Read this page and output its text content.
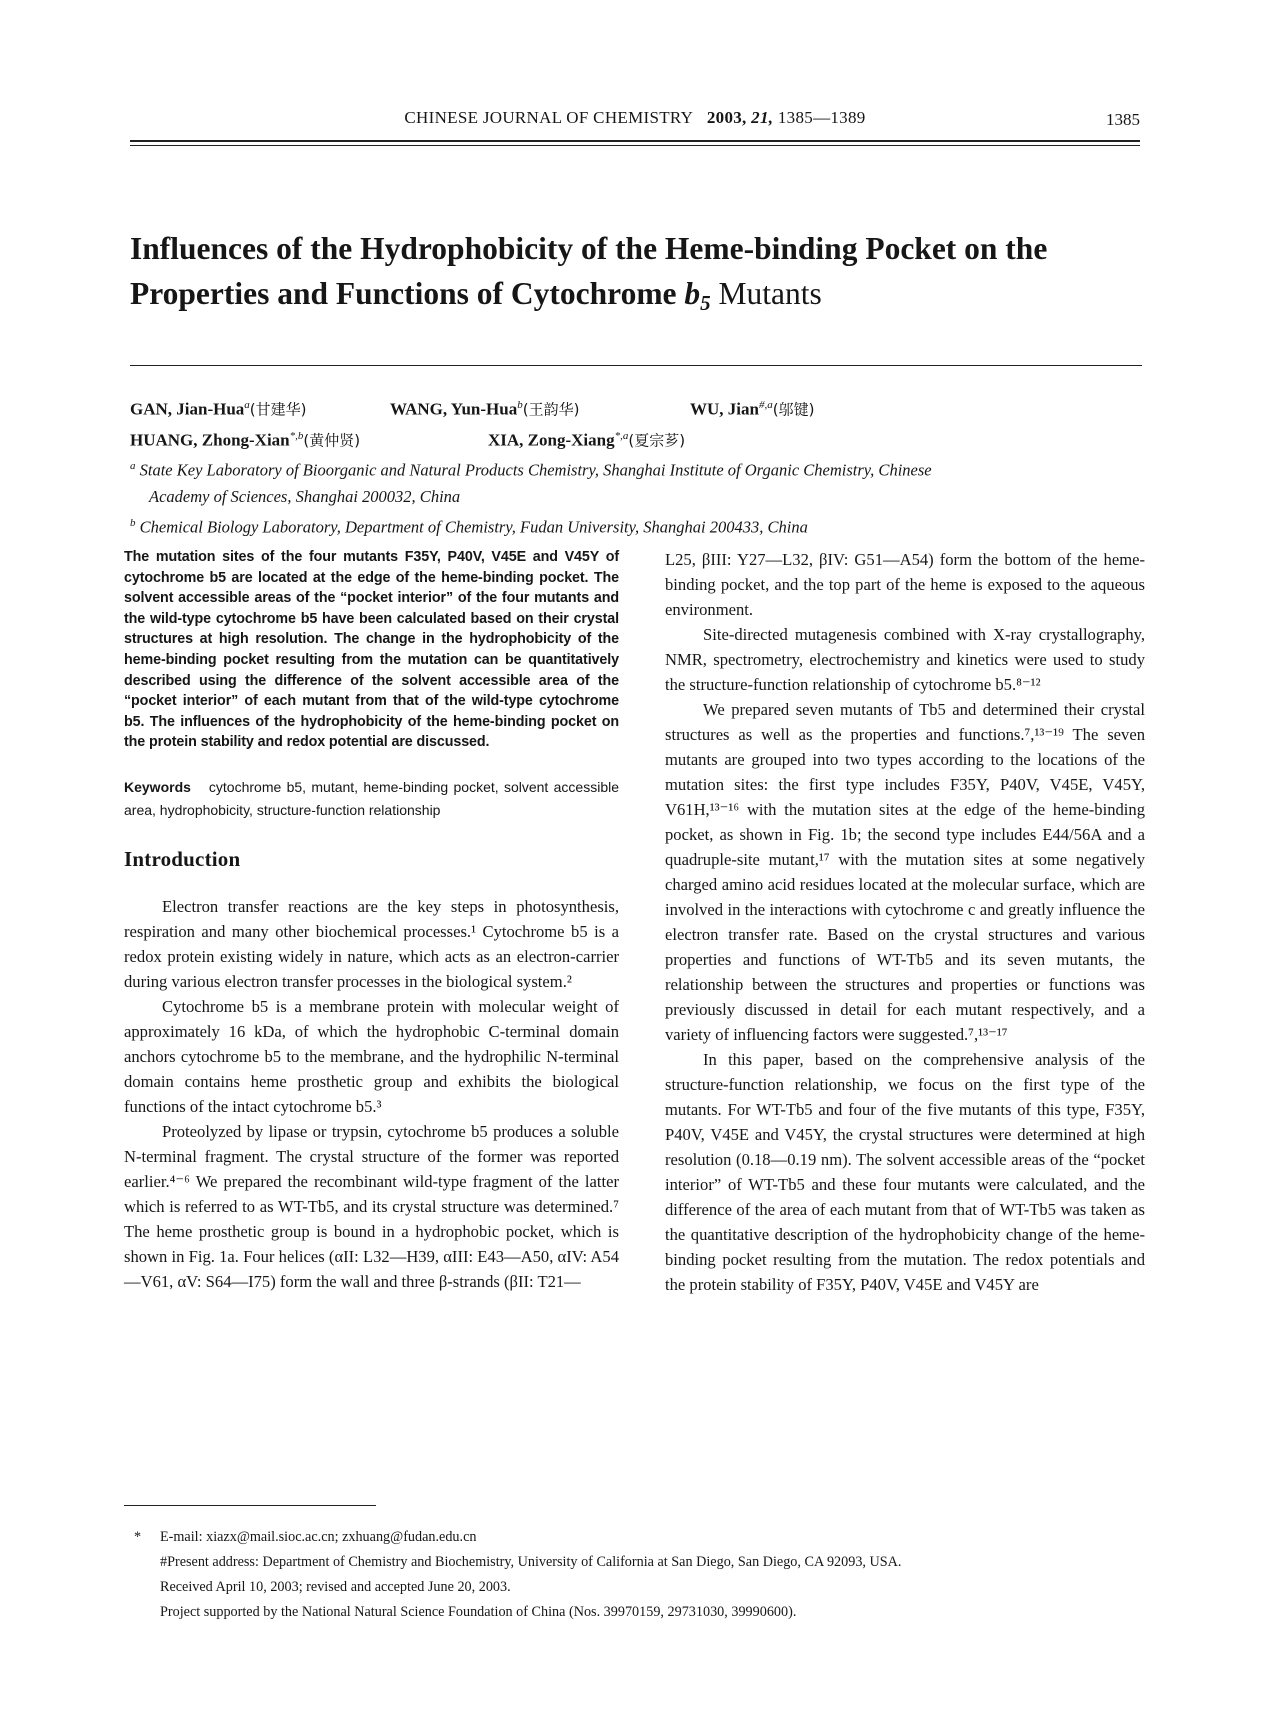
CHINESE JOURNAL OF CHEMISTRY 2003, 21, 1385—1389	1385
Influences of the Hydrophobicity of the Heme-binding Pocket on the
Properties and Functions of Cytochrome $b_5$ Mutants
GAN, Jian-Hua$^a$(甘建华)	WANG, Yun-Hua$^b$(王韵华)	WU, Jian$^{\#,a}$(邬键)
HUANG, Zhong-Xian$^{*,b}$(黄仲贤)	XIA, Zong-Xiang$^{*,a}$(夏宗芗)
$^a$ State Key Laboratory of Bioorganic and Natural Products Chemistry, Shanghai Institute of Organic Chemistry, Chinese
Academy of Sciences, Shanghai 200032, China
$^b$ Chemical Biology Laboratory, Department of Chemistry, Fudan University, Shanghai 200433, China

The mutation sites of the four mutants F35Y, P40V, V45E and V45Y of cytochrome b5 are located at the edge of the heme-binding pocket. The solvent accessible areas of the “pocket interior” of the four mutants and the wild-type cytochrome b5 have been calculated based on their crystal structures at high resolution. The change in the hydrophobicity of the heme-binding pocket resulting from the mutation can be quantitatively described using the difference of the solvent accessible area of the “pocket interior” of each mutant from that of the wild-type cytochrome b5. The influences of the hydrophobicity of the heme-binding pocket on the protein stability and redox potential are discussed.

Keywords cytochrome b5, mutant, heme-binding pocket, solvent accessible area, hydrophobicity, structure-function relationship

Introduction

Electron transfer reactions are the key steps in photosynthesis, respiration and many other biochemical processes.¹ Cytochrome b5 is a redox protein existing widely in nature, which acts as an electron-carrier during various electron transfer processes in the biological system.²

Cytochrome b5 is a membrane protein with molecular weight of approximately 16 kDa, of which the hydrophobic C-terminal domain anchors cytochrome b5 to the membrane, and the hydrophilic N-terminal domain contains heme prosthetic group and exhibits the biological functions of the intact cytochrome b5.³

Proteolyzed by lipase or trypsin, cytochrome b5 produces a soluble N-terminal fragment. The crystal structure of the former was reported earlier.⁴⁻⁶ We prepared the recombinant wild-type fragment of the latter which is referred to as WT-Tb5, and its crystal structure was determined.⁷ The heme prosthetic group is bound in a hydrophobic pocket, which is shown in Fig. 1a. Four helices (αII: L32—H39, αIII: E43—A50, αIV: A54—V61, αV: S64—I75) form the wall and three β-strands (βII: T21—

L25, βIII: Y27—L32, βIV: G51—A54) form the bottom of the heme-binding pocket, and the top part of the heme is exposed to the aqueous environment.

Site-directed mutagenesis combined with X-ray crystallography, NMR, spectrometry, electrochemistry and kinetics were used to study the structure-function relationship of cytochrome b5.⁸⁻¹²

We prepared seven mutants of Tb5 and determined their crystal structures as well as the properties and functions.⁷,¹³⁻¹⁹ The seven mutants are grouped into two types according to the locations of the mutation sites: the first type includes F35Y, P40V, V45E, V45Y, V61H,¹³⁻¹⁶ with the mutation sites at the edge of the heme-binding pocket, as shown in Fig. 1b; the second type includes E44/56A and a quadruple-site mutant,¹⁷ with the mutation sites at some negatively charged amino acid residues located at the molecular surface, which are involved in the interactions with cytochrome c and greatly influence the electron transfer rate. Based on the crystal structures and various properties and functions of WT-Tb5 and its seven mutants, the relationship between the structures and properties or functions was previously discussed in detail for each mutant respectively, and a variety of influencing factors were suggested.⁷,¹³⁻¹⁷

In this paper, based on the comprehensive analysis of the structure-function relationship, we focus on the first type of the mutants. For WT-Tb5 and four of the five mutants of this type, F35Y, P40V, V45E and V45Y, the crystal structures were determined at high resolution (0.18—0.19 nm). The solvent accessible areas of the “pocket interior” of WT-Tb5 and these four mutants were calculated, and the difference of the area of each mutant from that of WT-Tb5 was taken as the quantitative description of the hydrophobicity change of the heme-binding pocket resulting from the mutation. The redox potentials and the protein stability of F35Y, P40V, V45E and V45Y are

* E-mail: xiazx@mail.sioc.ac.cn; zxhuang@fudan.edu.cn

#Present address: Department of Chemistry and Biochemistry, University of California at San Diego, San Diego, CA 92093, USA.

Received April 10, 2003; revised and accepted June 20, 2003.

Project supported by the National Natural Science Foundation of China (Nos. 39970159, 29731030, 39990600).
